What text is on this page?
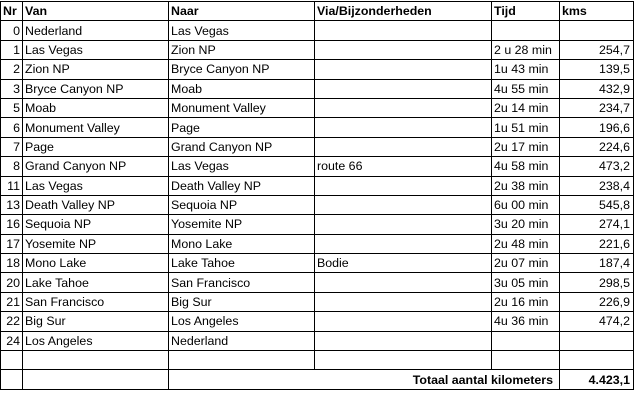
Nr	Van	Naar	Via/Bijzonderheden	Tijd	kms
0	Nederland	Las Vegas			
1	Las Vegas	Zion NP		2 u 28 min	254,7
2	Zion NP	Bryce Canyon NP		1u 43 min	139,5
3	Bryce Canyon NP	Moab		4u 55 min	432,9
5	Moab	Monument Valley		2u 14 min	234,7
6	Monument Valley	Page		1u 51 min	196,6
7	Page	Grand Canyon NP		2u 17 min	224,6
8	Grand Canyon NP	Las Vegas	route 66	4u 58 min	473,2
11	Las Vegas	Death Valley NP		2u 38 min	238,4
13	Death Valley NP	Sequoia NP		6u 00 min	545,8
16	Sequoia NP	Yosemite NP		3u 20 min	274,1
17	Yosemite NP	Mono Lake		2u 48 min	221,6
18	Mono Lake	Lake Tahoe	Bodie	2u 07 min	187,4
20	Lake Tahoe	San Francisco		3u 05 min	298,5
21	San Francisco	Big Sur		2u 16 min	226,9
22	Big Sur	Los Angeles		4u 36 min	474,2
24	Los Angeles	Nederland			

		Totaal aantal kilometers			4.423,1
